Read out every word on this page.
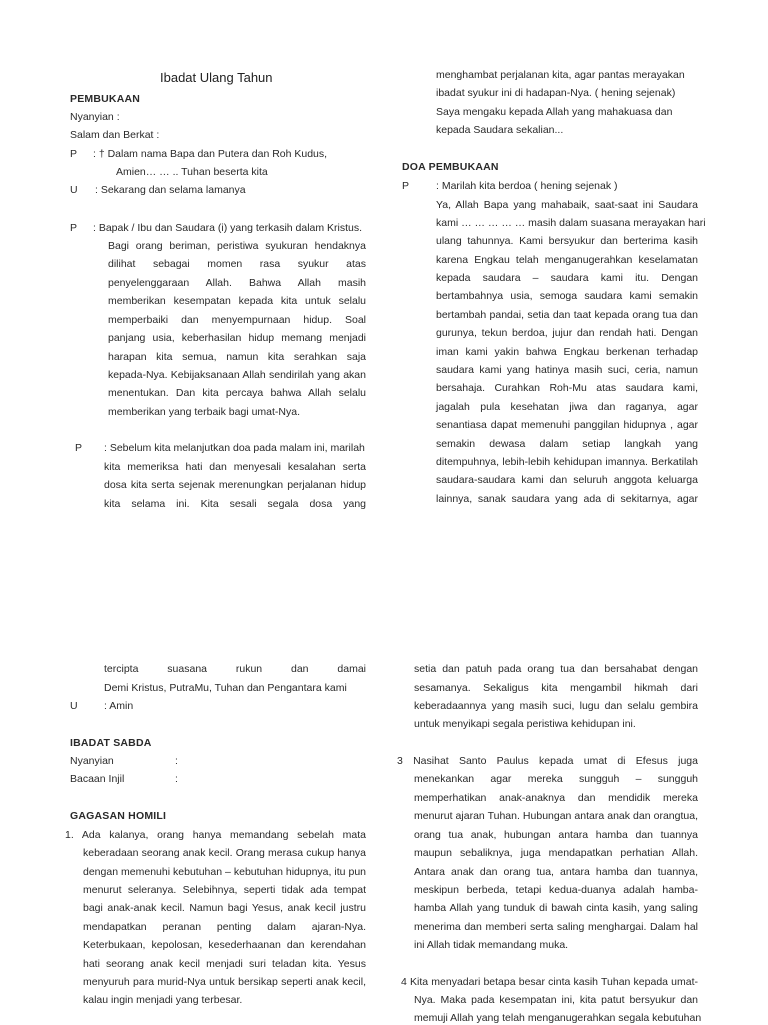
Ibadat Ulang Tahun
PEMBUKAAN
Nyanyian :
Salam dan Berkat :
P : † Dalam nama Bapa dan Putera dan Roh Kudus,
Amien… … .. Tuhan beserta kita
U : Sekarang dan selama lamanya
P : Bapak / Ibu dan Saudara (i) yang terkasih dalam Kristus.
Bagi orang beriman, peristiwa syukuran hendaknya
dilihat sebagai momen rasa syukur atas
penyelenggaraan Allah. Bahwa Allah masih
memberikan kesempatan kepada kita untuk selalu
memperbaiki dan menyempurnaan hidup. Soal
panjang usia, keberhasilan hidup memang menjadi
harapan kita semua, namun kita serahkan saja
kepada-Nya. Kebijaksanaan Allah sendirilah yang akan
menentukan. Dan kita percaya bahwa Allah selalu
memberikan yang terbaik bagi umat-Nya.
P : Sebelum kita melanjutkan doa pada malam ini, marilah
kita memeriksa hati dan menyesali kesalahan serta
dosa kita serta sejenak merenungkan perjalanan hidup
kita selama ini. Kita sesali segala dosa yang
menghambat perjalanan kita, agar pantas merayakan
ibadat syukur ini di hadapan-Nya. ( hening sejenak)
Saya mengaku kepada Allah yang mahakuasa dan
kepada Saudara sekalian...
DOA PEMBUKAAN
P	: Marilah kita berdoa ( hening sejenak )
Ya, Allah Bapa yang mahabaik, saat-saat ini Saudara
kami … … … … … masih dalam suasana merayakan hari
ulang tahunnya. Kami bersyukur dan berterima kasih
karena Engkau telah menganugerahkan keselamatan
kepada saudara – saudara kami itu. Dengan
bertambahnya usia, semoga saudara kami semakin
bertambah pandai, setia dan taat kepada orang tua dan
gurunya, tekun berdoa, jujur dan rendah hati. Dengan
iman kami yakin bahwa Engkau berkenan terhadap
saudara kami yang hatinya masih suci, ceria, namun
bersahaja. Curahkan Roh-Mu atas saudara kami,
jagalah pula kesehatan jiwa dan raganya, agar
senantiasa dapat memenuhi panggilan hidupnya , agar
semakin dewasa dalam setiap langkah yang
ditempuhnya, lebih-lebih kehidupan imannya. Berkatilah
saudara-saudara kami dan seluruh anggota keluarga
lainnya, sanak saudara yang ada di sekitarnya, agar
tercipta suasana rukun dan damai
Demi Kristus, PutraMu, Tuhan dan Pengantara kami
U	: Amin
IBADAT SABDA
Nyanyian	:
Bacaan Injil	:
GAGASAN HOMILI
1. Ada kalanya, orang hanya memandang sebelah mata
keberadaan seorang anak kecil. Orang merasa cukup hanya
dengan memenuhi kebutuhan – kebutuhan hidupnya, itu pun
menurut seleranya. Selebihnya, seperti tidak ada tempat
bagi anak-anak kecil. Namun bagi Yesus, anak kecil justru
mendapatkan peranan penting dalam ajaran-Nya.
Keterbukaan, kepolosan, kesederhaanan dan kerendahan
hati seorang anak kecil menjadi suri teladan kita. Yesus
menyuruh para murid-Nya untuk bersikap seperti anak kecil,
kalau ingin menjadi yang terbesar.
setia dan patuh pada orang tua dan bersahabat dengan
sesamanya. Sekaligus kita mengambil hikmah dari
keberadaannya yang masih suci, lugu dan selalu gembira
untuk menyikapi segala peristiwa kehidupan ini.
3 Nasihat Santo Paulus kepada umat di Efesus juga
menekankan agar mereka sungguh – sungguh
memperhatikan anak-anaknya dan mendidik mereka
menurut ajaran Tuhan. Hubungan antara anak dan orangtua,
orang tua anak, hubungan antara hamba dan tuannya
maupun sebaliknya, juga mendapatkan perhatian Allah.
Antara anak dan orang tua, antara hamba dan tuannya,
meskipun berbeda, tetapi kedua-duanya adalah hamba-
hamba Allah yang tunduk di bawah cinta kasih, yang saling
menerima dan memberi serta saling menghargai. Dalam hal
ini Allah tidak memandang muka.
4 Kita menyadari betapa besar cinta kasih Tuhan kepada umat-
Nya. Maka pada kesempatan ini, kita patut bersyukur dan
memuji Allah yang telah menganugerahkan segala kebutuhan
